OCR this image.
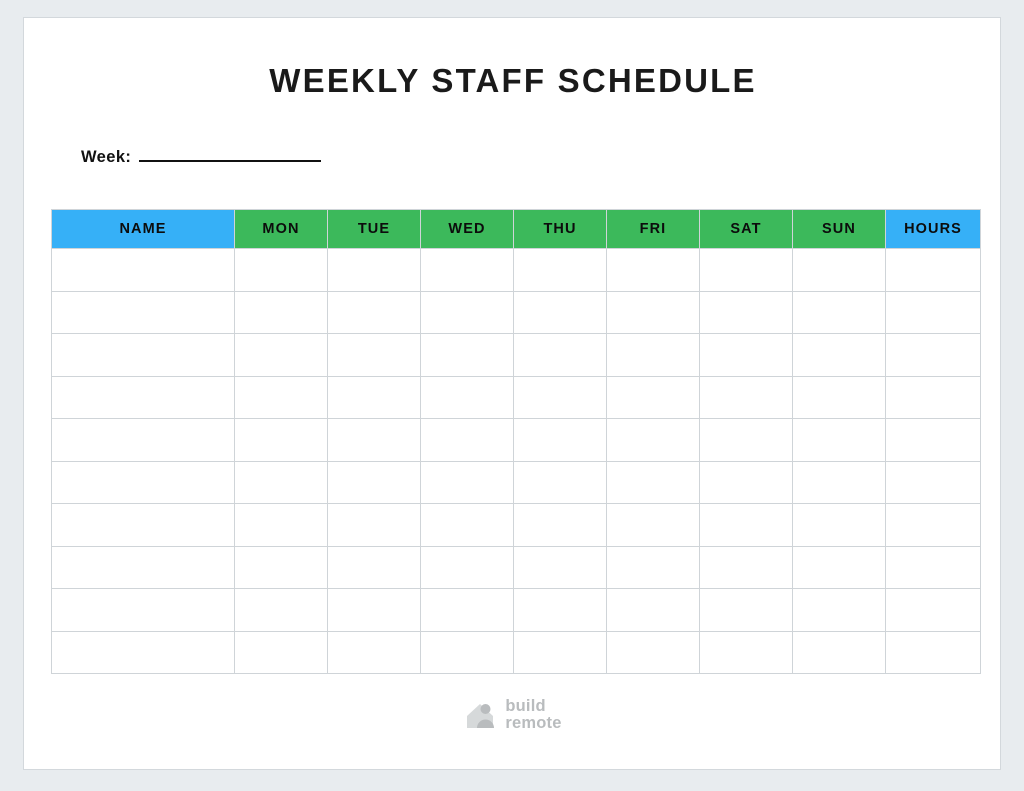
WEEKLY STAFF SCHEDULE
Week:
NAME	MON	TUE	WED	THU	FRI	SAT	SUN	HOURS

build
remote
